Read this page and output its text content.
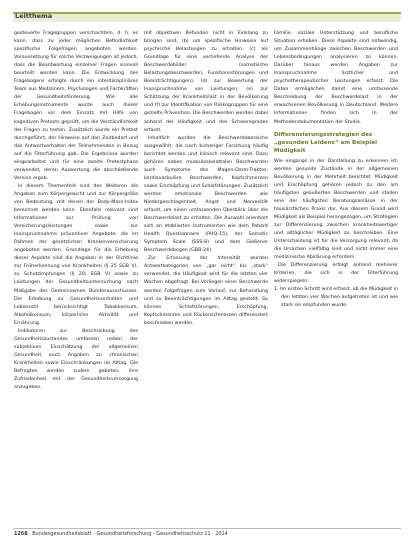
Leitthema

gesteuerte Fragegruppen verschachteln, d. h. es kann, dass zu jeder möglichen Befindlichkeit spezifische Folgefragen angeboten werden. Voraussetzung für solche Verzweigungen ist jedoch, dass die Beantwortung einzelner Fragen sinnvoll beurteilt werden kann. Die Entwicklung des Fragebogens erfolgte durch ein interdisziplinäres Team aus Medizinern, Psychologen und Fachkräften der Gesundheitsförderung. Wie alle Erhebungsinstrumente wurde auch dieser Fragebogen vor dem Einsatz mit Hilfe von kognitiven Pretests geprüft, um die Verständlichkeit der Fragen zu testen. Zusätzlich wurde ein Pretest durchgeführt, der Hinweise auf den Zeitbedarf und das Antwortverhalten der Teilnehmenden in Bezug auf die Filterführung gab. Die Ergebnisse wurden eingearbeitet und für eine zweite Pretestphase verwendet, deren Auswertung die abschließende Version ergab.

In diesem Themenfeld sind des Weiteren die Angaben zum Körpergewicht und zur Körpergröße von Bedeutung, mit denen der Body-Mass-Index berechnet werden kann. Ebenfalls relevant sind Informationen zur Prüfung von Versicherungsleistungen sowie zur Inanspruchnahme präventiver Angebote, die im Rahmen der gesetzlichen Krankenversicherung angeboten werden. Grundlage für die Erhebung dieser Aspekte sind die Angaben in der Richtlinie zur Früherkennung von Krankheiten (§ 25 SGB V), zu Schutzimpfungen (§ 20i SGB V) sowie zu Leistungen der Gesundheitsuntersuchung nach Maßgabe des Gemeinsamen Bundesausschusses. Die Erhebung zu Gesundheitsverhalten und Lebensstil berücksichtigt Tabakkonsum, Alkoholkonsum, körperliche Aktivität und Ernährung.

Indikatoren zur Beschreibung des Gesundheitszustandes umfassen neben der subjektiven Einschätzung der allgemeinen Gesundheit auch Angaben zu chronischen Krankheiten sowie Einschränkungen im Alltag. Die Befragten werden zudem gebeten, ihre Zufriedenheit mit der Gesundheitsversorgung anzugeben.

mit objektiven Befunden nicht in Einklang zu bringen sind, (b) um spezifische Hinweise auf psychische Belastungen zu erhalten, (c) als Grundlage für eine vertiefende Analyse der Beschwerdebilder (somatische Belastungsbeschwerden, Funktionsstörungen und Beeinträchtigungen), (d) zur Bewertung der Inanspruchnahme von Leistungen, (e) zur Schätzung der Krankheitslast in der Bevölkerung und (f) zur Identifikation von Risikogruppen für eine gezielte Prävention. Die Beschwerden werden dabei anhand der Häufigkeit und des Schweregrades erfasst.

Inhaltlich wurden die Beschwerdebereiche ausgewählt, die nach bisheriger Forschung häufig berichtet werden und klinisch relevant sind. Dazu gehören neben muskuloskelettalen Beschwerden auch Symptome des Magen-Darm-Traktes, kardiovaskuläre Beschwerden, Kopfschmerzen sowie Erschöpfung und Schlafstörungen. Zusätzlich werden emotionale Beschwerden wie Niedergeschlagenheit, Angst und Nervosität erfasst, um einen umfassenden Überblick über die Beschwerdelast zu erhalten. Die Auswahl orientiert sich an etablierten Instrumenten wie dem Patient Health Questionnaire (PHQ-15), der Somatic Symptom Scale (SSS-8) und dem Gießener Beschwerdebogen (GBB-24).

Zur Erfassung der Intensität wurden Antwortkategorien von „gar nicht“ bis „stark“ verwendet, die Häufigkeit wird für die letzten vier Wochen abgefragt. Bei Vorliegen einer Beschwerde werden Folgefragen zum Verlauf, zur Behandlung und zu Beeinträchtigungen im Alltag gestellt. So können Schlafstörungen, Erschöpfung, Kopfschmerzen und Rückenschmerzen differenziert beschrieben werden.

Familie, soziale Unterstützung und berufliche Situation erhoben. Diese Aspekte sind notwendig, um Zusammenhänge zwischen Beschwerden und Lebensbedingungen analysieren zu können. Darüber hinaus werden Angaben zur Inanspruchnahme ärztlicher und psychotherapeutischer Leistungen erfasst. Die Daten ermöglichen damit eine umfassende Beschreibung der Beschwerdelast in der erwachsenen Bevölkerung in Deutschland. Weitere Informationen finden sich in der Methodendokumentation der Studie.

Differenzierungsstrategien des „gesunden Leidens“ am Beispiel Müdigkeit

Wie eingangs in der Darstellung zu erkennen ist, werden gesunde Zustände in der allgemeinen Bevölkerung in der Mehrheit berichtet. Müdigkeit und Erschöpfung gehören jedoch zu den am häufigsten geäußerten Beschwerden und stellen eine der häufigsten Beratungsanlässe in der hausärztlichen Praxis dar. Aus diesem Grund wird Müdigkeit als Beispiel herangezogen, um Strategien zur Differenzierung zwischen krankheitswertiger und alltäglicher Müdigkeit zu beschreiben. Eine Unterscheidung ist für die Versorgung relevant, da die Ursachen vielfältig sind und nicht immer eine medizinische Abklärung erfordern.

Die Differenzierung erfolgt anhand mehrerer Kriterien, die sich in der Filterführung widerspiegeln:

1. Im ersten Schritt wird erfasst, ob die Müdigkeit in den letzten vier Wochen aufgetreten ist und wie stark sie empfunden wurde.

1268 Bundesgesundheitsblatt - Gesundheitsforschung - Gesundheitsschutz 11 · 2014
